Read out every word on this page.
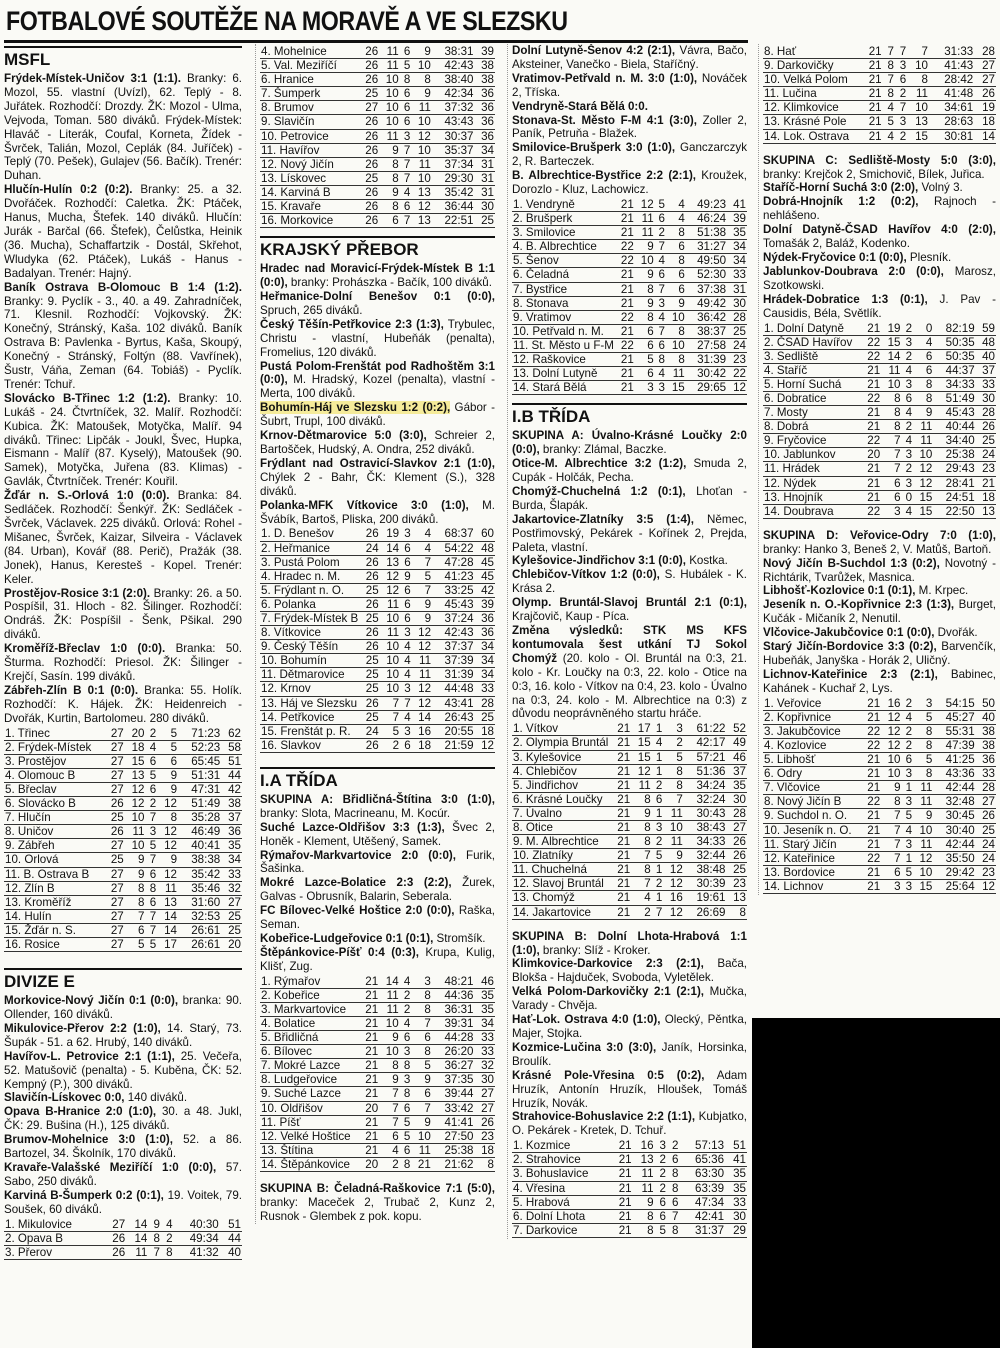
FOTBALOVÉ SOUTĚŽE NA MORAVĚ A VE SLEZSKU
MSFL

Frýdek-Místek-Uničov 3:1 (1:1). Branky: 6. Mozol, 55. vlastní (Uvízl), 62. Teplý - 8. Juřátek. Rozhodčí: Drozdy. ŽK: Mozol - Ulma, Vejvoda, Toman. 580 diváků. Frýdek-Místek: Hlaváč - Literák, Coufal, Korneta, Žídek - Švrček, Talián, Mozol, Ceplák (84. Juříček) - Teplý (70. Pešek), Gulajev (56. Bačík). Trenér: Duhan.

Hlučín-Hulín 0:2 (0:2). Branky: 25. a 32. Dvořáček. Rozhodčí: Caletka. ŽK: Ptáček, Hanus, Mucha, Štefek. 140 diváků. Hlučín: Jurák - Barčal (66. Štefek), Čelůstka, Heinik (36. Mucha), Schaffartzik - Dostál, Skřehot, Wludyka (62. Ptáček), Lukáš - Hanus - Badalyan. Trenér: Hajný.

Baník Ostrava B-Olomouc B 1:4 (1:2). Branky: 9. Pyclík - 3., 40. a 49. Zahradníček, 71. Klesnil. Rozhodčí: Vojkovský. ŽK: Konečný, Stránský, Kaša. 102 diváků. Baník Ostrava B: Pavlenka - Byrtus, Kaša, Skoupý, Konečný - Stránský, Foltýn (88. Vavřínek), Šustr, Váňa, Zeman (64. Tobiáš) - Pyclík. Trenér: Tchuř.

Slovácko B-Třinec 1:2 (1:2). Branky: 10. Lukáš - 24. Čtvrtníček, 32. Malíř. Rozhodčí: Kubica. ŽK: Matoušek, Motyčka, Malíř. 94 diváků. Třinec: Lipčák - Joukl, Švec, Hupka, Eismann - Malíř (87. Kyselý), Matoušek (90. Samek), Motyčka, Juřena (83. Klimas) - Gavlák, Čtvrtníček. Trenér: Kouřil.

Žďár n. S.-Orlová 1:0 (0:0). Branka: 84. Sedláček. Rozhodčí: Šenkýř. ŽK: Sedláček - Švrček, Václavek. 225 diváků. Orlová: Rohel - Mišanec, Švrček, Kaizar, Silveira - Václavek (84. Urban), Kovář (88. Perič), Pražák (38. Jonek), Hanus, Keresteš - Kopel. Trenér: Keler.

Prostějov-Rosice 3:1 (2:0). Branky: 26. a 50. Pospíšil, 31. Hloch - 82. Šilinger. Rozhodčí: Ondráš. ŽK: Pospíšil - Šenk, Pšikal. 290 diváků.

Kroměříž-Břeclav 1:0 (0:0). Branka: 50. Šturma. Rozhodčí: Priesol. ŽK: Šilinger - Krejčí, Sasín. 199 diváků.

Zábřeh-Zlín B 0:1 (0:0). Branka: 55. Holík. Rozhodčí: K. Hájek. ŽK: Heidenreich - Dvořák, Kurtin, Bartolomeu. 280 diváků.

1. Třinec	27	20	2	5	71:23	62
2. Frýdek-Místek	27	18	4	5	52:23	58
3. Prostějov	27	15	6	6	65:45	51
4. Olomouc B	27	13	5	9	51:31	44
5. Břeclav	27	12	6	9	47:31	42
6. Slovácko B	26	12	2	12	51:49	38
7. Hlučín	25	10	7	8	35:28	37
8. Uničov	26	11	3	12	46:49	36
9. Zábřeh	27	10	5	12	40:41	35
10. Orlová	25	9	7	9	38:38	34
11. B. Ostrava B	27	9	6	12	35:42	33
12. Zlín B	27	8	8	11	35:46	32
13. Kroměříž	27	8	6	13	31:60	27
14. Hulín	27	7	7	14	32:53	25
15. Žďár n. S.	27	6	7	14	26:61	25
16. Rosice	27	5	5	17	26:61	20
DIVIZE E

Morkovice-Nový Jičín 0:1 (0:0), branka: 90. Ollender, 160 diváků.

Mikulovice-Přerov 2:2 (1:0), 14. Starý, 73. Šupák - 51. a 62. Hrubý, 140 diváků.

Havířov-L. Petrovice 2:1 (1:1), 25. Večeřa, 52. Matušovič (penalta) - 5. Kuběna, ČK: 52. Kempný (P.), 300 diváků.

Slavičín-Lískovec 0:0, 140 diváků.

Opava B-Hranice 2:0 (1:0), 30. a 48. Jukl, ČK: 29. Bušina (H.), 125 diváků.

Brumov-Mohelnice 3:0 (1:0), 52. a 86. Bartozel, 34. Školník, 170 diváků.

Kravaře-Valašské Meziříčí 1:0 (0:0), 57. Sabo, 250 diváků.

Karviná B-Šumperk 0:2 (0:1), 19. Voitek, 79. Soušek, 60 diváků.

1. Mikulovice	27	14	9	4	40:30	51
2. Opava B	26	14	8	2	49:34	44
3. Přerov	26	11	7	8	41:32	40
4. Mohelnice	26	11	6	9	38:31	39
5. Val. Meziříčí	26	11	5	10	42:43	38
6. Hranice	26	10	8	8	38:40	38
7. Šumperk	25	10	6	9	42:34	36
8. Brumov	27	10	6	11	37:32	36
9. Slavičín	26	10	6	10	43:43	36
10. Petrovice	26	11	3	12	30:37	36
11. Havířov	26	9	7	10	35:37	34
12. Nový Jičín	26	8	7	11	37:34	31
13. Lískovec	25	8	7	10	29:30	31
14. Karviná B	26	9	4	13	35:42	31
15. Kravaře	26	8	6	12	36:44	30
16. Morkovice	26	6	7	13	22:51	25
KRAJSKÝ PŘEBOR

Hradec nad Moravicí-Frýdek-Místek B 1:1 (0:0), branky: Prohászka - Bačík, 100 diváků.

Heřmanice-Dolní Benešov 0:1 (0:0), Spruch, 265 diváků.

Český Těšín-Petřkovice 2:3 (1:3), Trybulec, Christu - vlastní, Hubeňák (penalta), Fromelius, 120 diváků.

Pustá Polom-Frenštát pod Radhoštěm 3:1 (0:0), M. Hradský, Kozel (penalta), vlastní - Merta, 100 diváků.

Bohumín-Háj ve Slezsku 1:2 (0:2), Gábor - Šubrt, Trupl, 100 diváků.

Krnov-Dětmarovice 5:0 (3:0), Schreier 2, Bartošček, Hudský, A. Ondra, 252 diváků.

Frýdlant nad Ostravicí-Slavkov 2:1 (1:0), Chýlek 2 - Bahr, ČK: Klement (S.), 328 diváků.

Polanka-MFK Vítkovice 3:0 (1:0), M. Švábík, Bartoš, Pliska, 200 diváků.

1. D. Benešov	26	19	3	4	68:37	60
2. Heřmanice	24	14	6	4	54:22	48
3. Pustá Polom	26	13	6	7	47:28	45
4. Hradec n. M.	26	12	9	5	41:23	45
5. Frýdlant n. O.	25	12	6	7	33:25	42
6. Polanka	26	11	6	9	45:43	39
7. Frýdek-Místek B	25	10	6	9	37:24	36
8. Vítkovice	26	11	3	12	42:43	36
9. Český Těšín	26	10	4	12	37:37	34
10. Bohumín	25	10	4	11	37:39	34
11. Dětmarovice	25	10	4	11	31:39	34
12. Krnov	25	10	3	12	44:48	33
13. Háj ve Slezsku	26	7	7	12	43:41	28
14. Petřkovice	25	7	4	14	26:43	25
15. Frenštát p. R.	24	5	3	16	20:55	18
16. Slavkov	26	2	6	18	21:59	12
I.A TŘÍDA

SKUPINA A: Břidličná-Štítina 3:0 (1:0), branky: Slota, Macrineanu, M. Kocúr.

Suché Lazce-Oldřišov 3:3 (1:3), Švec 2, Honěk - Klement, Utěšený, Samek.

Rýmařov-Markvartovice 2:0 (0:0), Furik, Šašinka.

Mokré Lazce-Bolatice 2:3 (2:2), Žurek, Galvas - Obrusník, Balarin, Seberala.

FC Bílovec-Velké Hoštice 2:0 (0:0), Raška, Seman.

Kobeřice-Ludgeřovice 0:1 (0:1), Stromšík.

Štěpánkovice-Píšť 0:4 (0:3), Krupa, Kulig, Klišť, Zug.

1. Rýmařov	21	14	4	3	48:21	46
2. Kobeřice	21	11	2	8	44:36	35
3. Markvartovice	21	11	2	8	36:31	35
4. Bolatice	21	10	4	7	39:31	34
5. Břidličná	21	9	6	6	44:28	33
6. Bílovec	21	10	3	8	26:20	33
7. Mokré Lazce	21	8	8	5	36:27	32
8. Ludgeřovice	21	9	3	9	37:35	30
9. Suché Lazce	21	7	8	6	39:44	27
10. Oldřišov	20	7	6	7	33:42	27
11. Píšť	21	7	5	9	41:41	26
12. Velké Hoštice	21	6	5	10	27:50	23
13. Štítina	21	4	6	11	25:38	18
14. Štěpánkovice	20	2	8	21	21:62	8

SKUPINA B: Čeladná-Raškovice 7:1 (5:0), branky: Maceček 2, Trubač 2, Kunz 2, Rusnok - Glembek z pok. kopu.

Dolní Lutyně-Šenov 4:2 (2:1), Vávra, Bačo, Aksteiner, Vanečko - Biela, Staříčný.

Vratimov-Petřvald n. M. 3:0 (1:0), Nováček 2, Tříska.

Vendryně-Stará Bělá 0:0.

Stonava-St. Město F-M 4:1 (3:0), Zoller 2, Paník, Petruňa - Blažek.

Smilovice-Brušperk 3:0 (1:0), Ganczarczyk 2, R. Barteczek.

B. Albrechtice-Bystřice 2:2 (2:1), Kroužek, Dorozlo - Kluz, Lachowicz.

1. Vendryně	21	12	5	4	49:23	41
2. Brušperk	21	11	6	4	46:24	39
3. Smilovice	21	11	2	8	51:38	35
4. B. Albrechtice	22	9	7	6	31:27	34
5. Šenov	22	10	4	8	49:50	34
6. Čeladná	21	9	6	6	52:30	33
7. Bystřice	21	8	7	6	37:38	31
8. Stonava	21	9	3	9	49:42	30
9. Vratimov	22	8	4	10	36:42	28
10. Petřvald n. M.	21	6	7	8	38:37	25
11. St. Město u F-M	22	6	6	10	27:58	24
12. Raškovice	21	5	8	8	31:39	23
13. Dolní Lutyně	21	6	4	11	30:42	22
14. Stará Bělá	21	3	3	15	29:65	12
I.B TŘÍDA

SKUPINA A: Úvalno-Krásné Loučky 2:0 (0:0), branky: Zlámal, Baczke.

Otice-M. Albrechtice 3:2 (1:2), Smuda 2, Cupák - Holčák, Pecha.

Chomýž-Chuchelná 1:2 (0:1), Lhoťan - Burda, Šlapák.

Jakartovice-Zlatníky 3:5 (1:4), Němec, Postřimovský, Pekárek - Kořínek 2, Prejda, Paleta, vlastní.

Kylešovice-Jindřichov 3:1 (0:0), Kostka.

Chlebičov-Vítkov 1:2 (0:0), S. Hubálek - K. Krása 2.

Olymp. Bruntál-Slavoj Bruntál 2:1 (0:1), Krajčovič, Kaup - Píca.

Změna výsledků: STK MS KFS kontumovala šest utkání TJ Sokol Chomýž (20. kolo - Ol. Bruntál na 0:3, 21. kolo - Kr. Loučky na 0:3, 22. kolo - Otice na 0:3, 16. kolo - Vítkov na 0:4, 23. kolo - Úvalno na 0:3, 24. kolo - M. Albrechtice na 0:3) z důvodu neoprávněného startu hráče.

1. Vítkov	21	17	1	3	61:22	52
2. Olympia Bruntál	21	15	4	2	42:17	49
3. Kylešovice	21	15	1	5	57:21	46
4. Chlebičov	21	12	1	8	51:36	37
5. Jindřichov	21	11	2	8	34:24	35
6. Krásné Loučky	21	8	6	7	32:24	30
7. Úvalno	21	9	1	11	30:43	28
8. Otice	21	8	3	10	38:43	27
9. M. Albrechtice	21	8	2	11	34:33	26
10. Zlatníky	21	7	5	9	32:44	26
11. Chuchelná	21	8	1	12	38:48	25
12. Slavoj Bruntál	21	7	2	12	30:39	23
13. Chomýž	21	4	1	16	19:61	13
14. Jakartovice	21	2	7	12	26:69	8

SKUPINA B: Dolní Lhota-Hrabová 1:1 (1:0), branky: Slíž - Kroker.

Klimkovice-Darkovice 2:3 (2:1), Bača, Blokša - Hajduček, Svoboda, Vyletělek.

Velká Polom-Darkovičky 2:1 (2:1), Mučka, Varady - Chvěja.

Hať-Lok. Ostrava 4:0 (1:0), Olecký, Pěntka, Majer, Stojka.

Kozmice-Lučina 3:0 (3:0), Janík, Horsinka, Broulík.

Krásné Pole-Vřesina 0:5 (0:2), Adam Hruzík, Antonín Hruzík, Hloušek, Tomáš Hruzík, Novák.

Strahovice-Bohuslavice 2:2 (1:1), Kubjatko, O. Pekárek - Kretek, D. Tchuř.

1. Kozmice	21	16	3	2	57:13	51
2. Strahovice	21	13	2	6	65:36	41
3. Bohuslavice	21	11	2	8	63:30	35
4. Vřesina	21	11	2	8	63:39	35
5. Hrabová	21	9	6	6	47:34	33
6. Dolní Lhota	21	8	6	7	42:41	30
7. Darkovice	21	8	5	8	31:37	29
8. Hať	21	7	7	7	31:33	28
9. Darkovičky	21	8	3	10	41:43	27
10. Velká Polom	21	7	6	8	28:42	27
11. Lučina	21	8	2	11	41:48	26
12. Klimkovice	21	4	7	10	34:61	19
13. Krásné Pole	21	5	3	13	28:63	18
14. Lok. Ostrava	21	4	2	15	30:81	14

SKUPINA C: Sedliště-Mosty 5:0 (3:0), branky: Krejčok 2, Smichovič, Bílek, Juřica.

Staříč-Horní Suchá 3:0 (2:0), Volný 3.

Dobrá-Hnojník 1:2 (0:2), Rajnoch - nehlášeno.

Dolní Datyně-ČSAD Havířov 4:0 (2:0), Tomašák 2, Baláž, Kodenko.

Nýdek-Fryčovice 0:1 (0:0), Plesník.

Jablunkov-Doubrava 2:0 (0:0), Marosz, Szotkowski.

Hrádek-Dobratice 1:3 (0:1), J. Pav - Causidis, Béla, Světlík.

1. Dolní Datyně	21	19	2	0	82:19	59
2. ČSAD Havířov	22	15	3	4	50:35	48
3. Sedliště	22	14	2	6	50:35	40
4. Staříč	21	11	4	6	44:37	37
5. Horní Suchá	21	10	3	8	34:33	33
6. Dobratice	22	8	6	8	51:49	30
7. Mosty	21	8	4	9	45:43	28
8. Dobrá	21	8	2	11	40:44	26
9. Fryčovice	22	7	4	11	34:40	25
10. Jablunkov	20	7	3	10	25:38	24
11. Hrádek	21	7	2	12	29:43	23
12. Nýdek	21	6	3	12	28:41	21
13. Hnojník	21	6	0	15	24:51	18
14. Doubrava	22	3	4	15	22:50	13

SKUPINA D: Veřovice-Odry 7:0 (1:0), branky: Hanko 3, Beneš 2, V. Matůš, Bartoň.

Nový Jičín B-Suchdol 1:3 (0:2), Novotný - Richtárik, Tvarůžek, Masnica.

Libhošť-Kozlovice 0:1 (0:1), M. Krpec.

Jeseník n. O.-Kopřivnice 2:3 (1:3), Burget, Kučák - Mičaník 2, Nenutil.

Vlčovice-Jakubčovice 0:1 (0:0), Dvořák.

Starý Jičín-Bordovice 3:3 (0:2), Barvenčík, Hubeňák, Janyška - Horák 2, Uličný.

Lichnov-Kateřinice 2:3 (2:1), Babinec, Kahánek - Kuchař 2, Lys.

1. Veřovice	21	16	2	3	54:15	50
2. Kopřivnice	21	12	4	5	45:27	40
3. Jakubčovice	22	12	2	8	55:31	38
4. Kozlovice	22	12	2	8	47:39	38
5. Libhošť	21	10	6	5	41:25	36
6. Odry	21	10	3	8	43:36	33
7. Vlčovice	21	9	1	11	42:44	28
8. Nový Jičín B	22	8	3	11	32:48	27
9. Suchdol n. O.	21	7	5	9	30:45	26
10. Jeseník n. O.	21	7	4	10	30:40	25
11. Starý Jičín	21	7	3	11	42:44	24
12. Kateřinice	22	7	1	12	35:50	24
13. Bordovice	21	6	5	10	29:42	23
14. Lichnov	21	3	3	15	25:64	12
